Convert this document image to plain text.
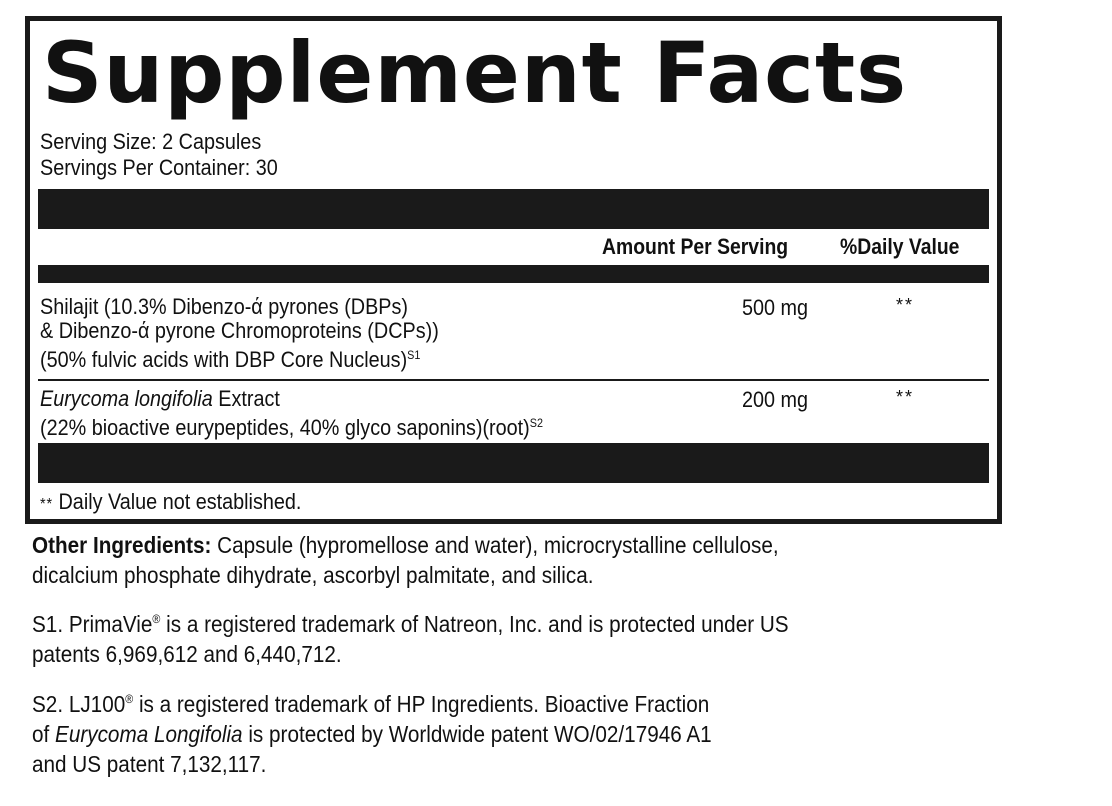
Supplement Facts
Serving Size: 2 Capsules
Servings Per Container: 30
Amount Per Serving %Daily Value
Shilajit (10.3% Dibenzo-ά pyrones (DBPs)
& Dibenzo-ά pyrone Chromoproteins (DCPs))
(50% fulvic acids with DBP Core Nucleus)$^{S1}$
500 mg	**
Eurycoma longifolia Extract
(22% bioactive eurypeptides, 40% glyco saponins)(root)$^{S2}$
200 mg	**
** Daily Value not established.
Other Ingredients: Capsule (hypromellose and water), microcrystalline cellulose,
dicalcium phosphate dihydrate, ascorbyl palmitate, and silica.
S1. PrimaVie® is a registered trademark of Natreon, Inc. and is protected under US
patents 6,969,612 and 6,440,712.
S2. LJ100® is a registered trademark of HP Ingredients. Bioactive Fraction
of Eurycoma Longifolia is protected by Worldwide patent WO/02/17946 A1
and US patent 7,132,117.
